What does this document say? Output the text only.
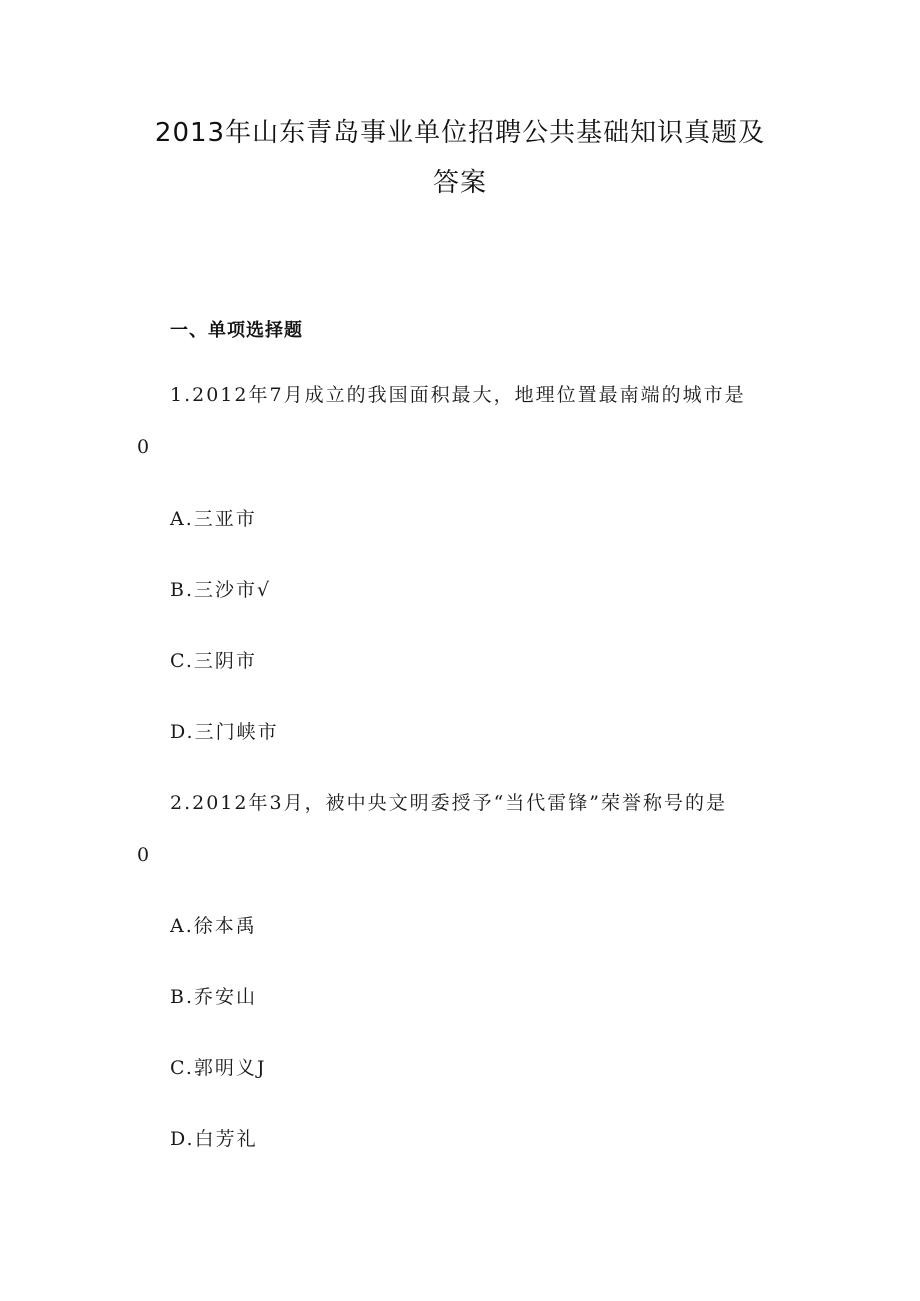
2013年山东青岛事业单位招聘公共基础知识真题及
答案
一、单项选择题
1.2012年7月成立的我国面积最大，地理位置最南端的城市是
0
A.三亚市
B.三沙市√
C.三阴市
D.三门峡市
2.2012年3月，被中央文明委授予“当代雷锋”荣誉称号的是
0
A.徐本禹
B.乔安山
C.郭明义J
D.白芳礼
